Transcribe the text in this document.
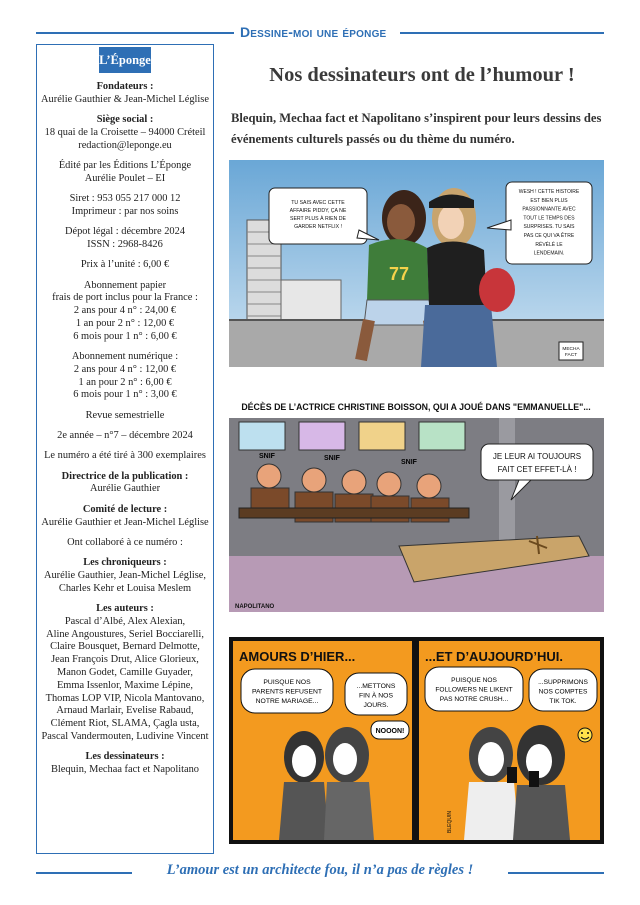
Dessine-moi une éponge
L’Éponge

Fondateurs :
Aurélie Gauthier & Jean-Michel Léglise

Siège social :
18 quai de la Croisette – 94000 Créteil
redaction@leponge.eu

Édité par les Éditions L’Éponge
Aurélie Poulet – EI

Siret : 953 055 217 000 12
Imprimeur : par nos soins

Dépot légal : décembre 2024
ISSN : 2968-8426

Prix à l’unité : 6,00 €

Abonnement papier
frais de port inclus pour la France :
2 ans pour 4 n° : 24,00 €
1 an pour 2 n° : 12,00 €
6 mois pour 1 n° : 6,00 €

Abonnement numérique :
2 ans pour 4 n° : 12,00 €
1 an pour 2 n° : 6,00 €
6 mois pour 1 n° : 3,00 €

Revue semestrielle

2e année – n°7 – décembre 2024

Le numéro a été tiré à 300 exemplaires

Directrice de la publication :
Aurélie Gauthier

Comité de lecture :
Aurélie Gauthier et Jean-Michel Léglise

Ont collaboré à ce numéro :

Les chroniqueurs :
Aurélie Gauthier, Jean-Michel Léglise,
Charles Kehr et Louisa Meslem

Les auteurs :
Pascal d’Albé, Alex Alexian,
Aline Angoustures, Seriel Bocciarelli,
Claire Bousquet, Bernard Delmotte,
Jean François Drut, Alice Glorieux,
Manon Godet, Camille Guyader,
Emma Issenlor, Maxime Lépine,
Thomas LOP VIP, Nicola Mantovano,
Arnaud Marlair, Evelise Rabaud,
Clément Riot, SLAMA, Çagla usta,
Pascal Vandermouten, Ludivine Vincent

Les dessinateurs :
Blequin, Mechaa fact et Napolitano

Nos dessinateurs ont de l’humour !
Blequin, Mechaa fact et Napolitano s’inspirent pour leurs dessins des événements culturels passés ou du thème du numéro.
77
TU SAIS AVEC CETTE AFFAIRE PIDDY, ÇA NE SERT PLUS À RIEN DE GARDER NETFLIX !
WESH ! CETTE HISTOIRE EST BIEN PLUS PASSIONNANTE AVEC TOUT LE TEMPS DES SURPRISES. TU SAIS PAS CE QUI VA ÊTRE RÉVÉLÉ LE LENDEMAIN.
MECHA FACT
DÉCÈS DE L’ACTRICE CHRISTINE BOISSON, QUI A JOUÉ DANS "EMMANUELLE"...
SNIF	SNIF
SNIF
JE LEUR AI TOUJOURS FAIT CET EFFET-LÀ !
NAPOLITANO
AMOURS D’HIER...	...ET D’AUJOURD’HUI.
PUISQUE NOS PARENTS REFUSENT NOTRE MARIAGE...
...METTONS FIN À NOS JOURS.
NOOON!
PUISQUE NOS FOLLOWERS NE LIKENT PAS NOTRE CRUSH...
...SUPPRIMONS NOS COMPTES TIK TOK.
BLEQUIN
L’amour est un architecte fou, il n’a pas de règles !
